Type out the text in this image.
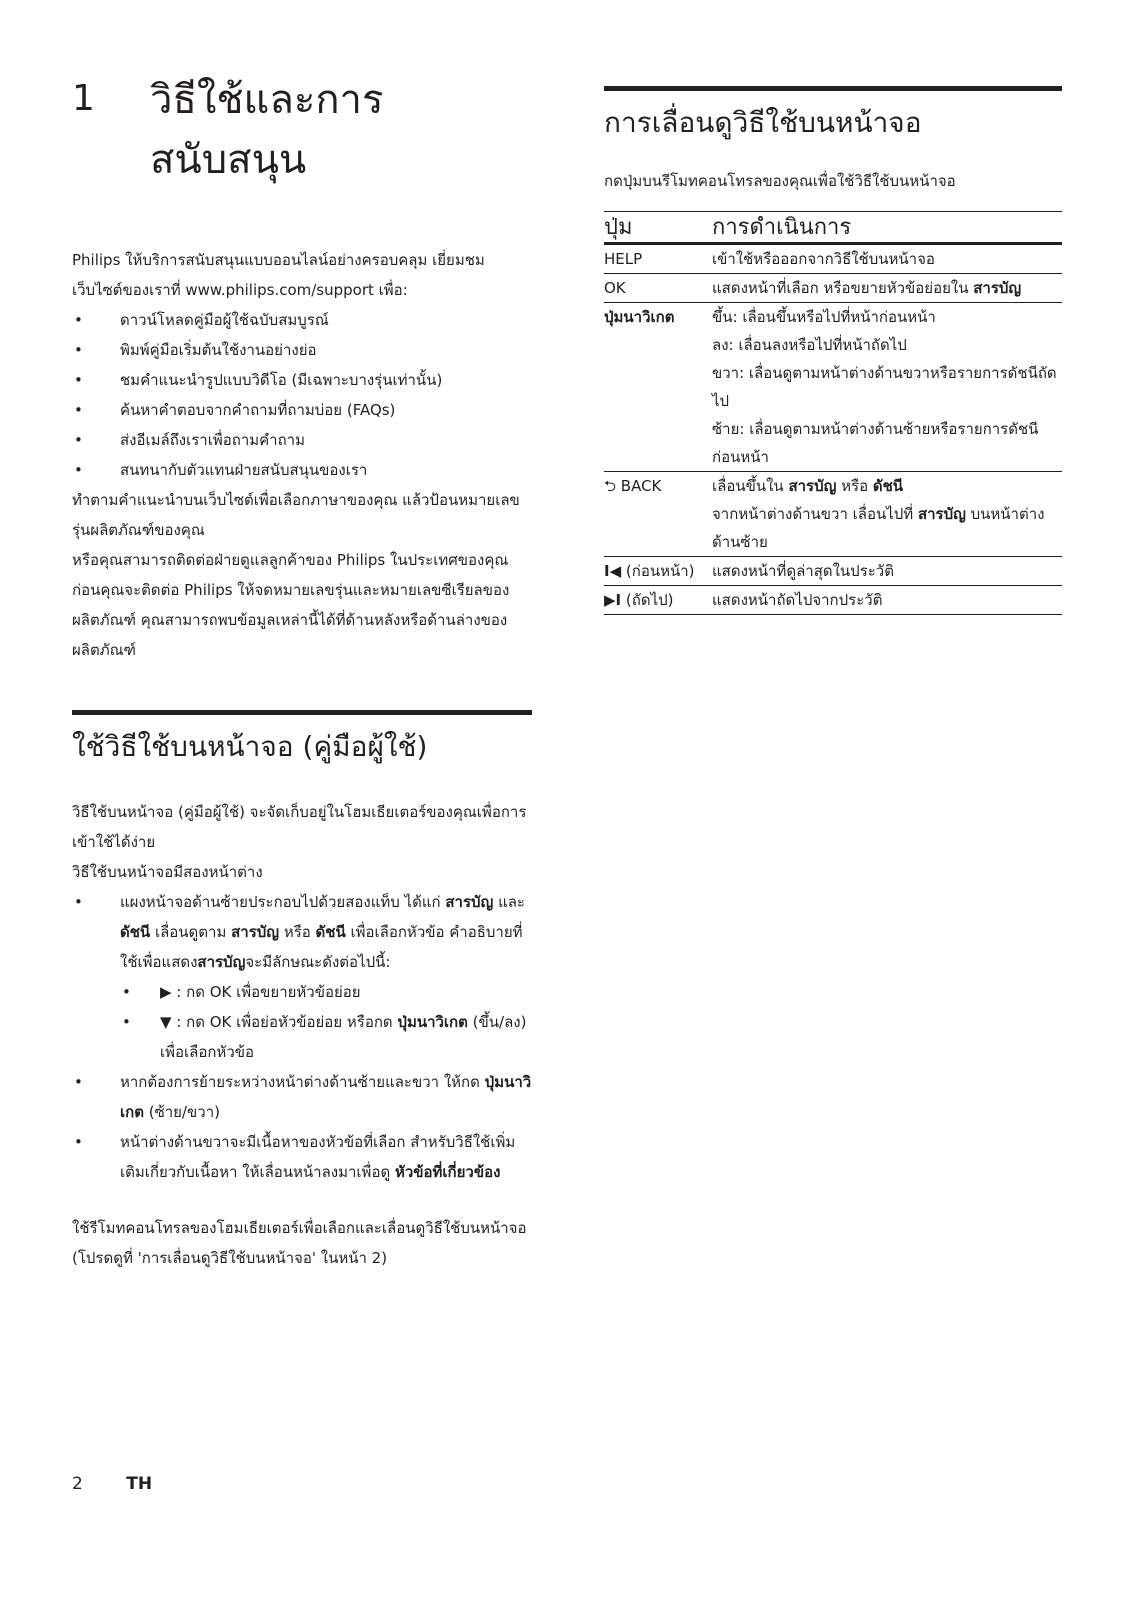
1 วิธีใช้และการ
สนับสนุน

Philips ให้บริการสนับสนุนแบบออนไลน์อย่างครอบคลุม เยี่ยมชมเว็บไซต์ของเราที่ www.philips.com/support เพื่อ:

• ดาวน์โหลดคู่มือผู้ใช้ฉบับสมบูรณ์
• พิมพ์คู่มือเริ่มต้นใช้งานอย่างย่อ
• ชมคำแนะนำรูปแบบวิดีโอ (มีเฉพาะบางรุ่นเท่านั้น)
• ค้นหาคำตอบจากคำถามที่ถามบ่อย (FAQs)
• ส่งอีเมล์ถึงเราเพื่อถามคำถาม
• สนทนากับตัวแทนฝ่ายสนับสนุนของเรา

ทำตามคำแนะนำบนเว็บไซต์เพื่อเลือกภาษาของคุณ แล้วป้อนหมายเลขรุ่นผลิตภัณฑ์ของคุณ

หรือคุณสามารถติดต่อฝ่ายดูแลลูกค้าของ Philips ในประเทศของคุณ ก่อนคุณจะติดต่อ Philips ให้จดหมายเลขรุ่นและหมายเลขซีเรียลของผลิตภัณฑ์ คุณสามารถพบข้อมูลเหล่านี้ได้ที่ด้านหลังหรือด้านล่างของผลิตภัณฑ์

ใช้วิธีใช้บนหน้าจอ (คู่มือผู้ใช้)

วิธีใช้บนหน้าจอ (คู่มือผู้ใช้) จะจัดเก็บอยู่ในโฮมเธียเตอร์ของคุณเพื่อการเข้าใช้ได้ง่าย

วิธีใช้บนหน้าจอมีสองหน้าต่าง

• แผงหน้าจอด้านซ้ายประกอบไปด้วยสองแท็บ ได้แก่ สารบัญ และ ดัชนี เลื่อนดูตาม สารบัญ หรือ ดัชนี เพื่อเลือกหัวข้อ คำอธิบายที่ใช้เพื่อแสดงสารบัญจะมีลักษณะดังต่อไปนี้:
• ▶ : กด OK เพื่อขยายหัวข้อย่อย
• ▼ : กด OK เพื่อย่อหัวข้อย่อย หรือกด ปุ่มนาวิเกต (ขึ้น/ลง) เพื่อเลือกหัวข้อ
• หากต้องการย้ายระหว่างหน้าต่างด้านซ้ายและขวา ให้กด ปุ่มนาวิเกต (ซ้าย/ขวา)
• หน้าต่างด้านขวาจะมีเนื้อหาของหัวข้อที่เลือก สำหรับวิธีใช้เพิ่มเติมเกี่ยวกับเนื้อหา ให้เลื่อนหน้าลงมาเพื่อดู หัวข้อที่เกี่ยวข้อง

ใช้รีโมทคอนโทรลของโฮมเธียเตอร์เพื่อเลือกและเลื่อนดูวิธีใช้บนหน้าจอ (โปรดดูที่ 'การเลื่อนดูวิธีใช้บนหน้าจอ' ในหน้า 2)

การเลื่อนดูวิธีใช้บนหน้าจอ
กดปุ่มบนรีโมทคอนโทรลของคุณเพื่อใช้วิธีใช้บนหน้าจอ
ปุ่ม	การดำเนินการ
HELP	เข้าใช้หรือออกจากวิธีใช้บนหน้าจอ
OK	แสดงหน้าที่เลือก หรือขยายหัวข้อย่อยใน สารบัญ
ปุ่มนาวิเกต	ขึ้น: เลื่อนขึ้นหรือไปที่หน้าก่อนหน้า
ลง: เลื่อนลงหรือไปที่หน้าถัดไป
ขวา: เลื่อนดูตามหน้าต่างด้านขวาหรือรายการดัชนีถัดไป
ซ้าย: เลื่อนดูตามหน้าต่างด้านซ้ายหรือรายการดัชนีก่อนหน้า

⮌ BACK	เลื่อนขึ้นใน สารบัญ หรือ ดัชนี
จากหน้าต่างด้านขวา เลื่อนไปที่ สารบัญ บนหน้าต่างด้านซ้าย

I◀ (ก่อนหน้า)	แสดงหน้าที่ดูล่าสุดในประวัติ
▶I (ถัดไป)	แสดงหน้าถัดไปจากประวัติ
2	TH
